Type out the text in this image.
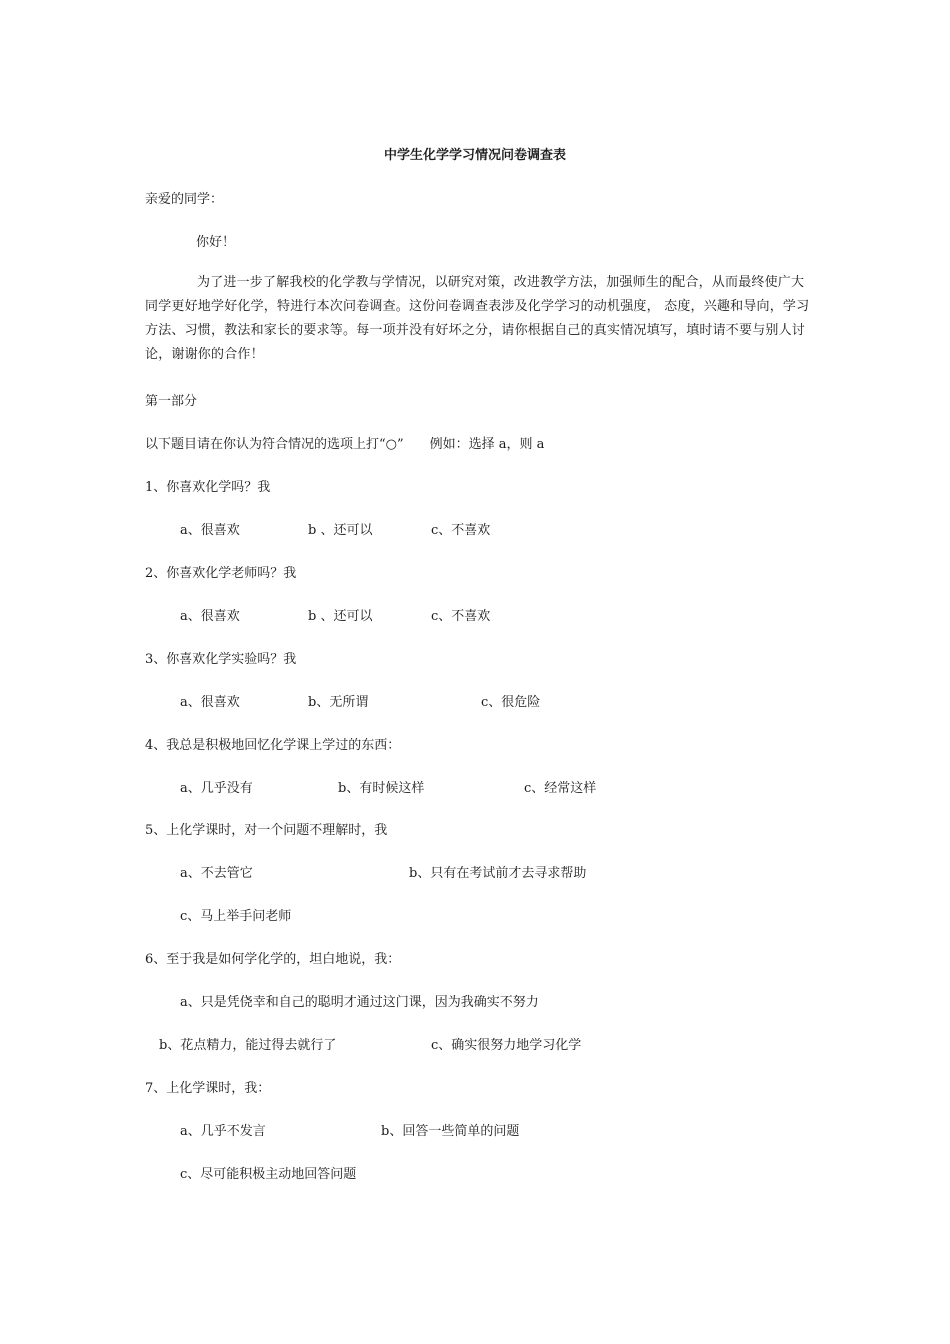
中学生化学学习情况问卷调查表
亲爱的同学：
你好！
为了进一步了解我校的化学教与学情况，以研究对策，改进教学方法，加强师生的配合，从而最终使广大同学更好地学好化学，特进行本次问卷调查。这份问卷调查表涉及化学学习的动机强度， 态度，兴趣和导向，学习方法、习惯，教法和家长的要求等。每一项并没有好坏之分，请你根据自己的真实情况填写，填时请不要与别人讨论，谢谢你的合作！
第一部分
以下题目请在你认为符合情况的选项上打“○”　　例如：选择 a，则 a
1、你喜欢化学吗？我
a、很喜欢	b 、还可以	c、不喜欢
2、你喜欢化学老师吗？我
a、很喜欢	b 、还可以	c、不喜欢
3、你喜欢化学实验吗？我
a、很喜欢	b、无所谓	c、很危险
4、我总是积极地回忆化学课上学过的东西：
a、几乎没有	b、有时候这样	c、经常这样
5、上化学课时，对一个问题不理解时，我
a、不去管它	b、只有在考试前才去寻求帮助
c、马上举手问老师
6、至于我是如何学化学的，坦白地说，我：
a、只是凭侥幸和自己的聪明才通过这门课，因为我确实不努力
b、花点精力，能过得去就行了	c、确实很努力地学习化学
7、上化学课时，我：
a、几乎不发言	b、回答一些简单的问题
c、尽可能积极主动地回答问题
